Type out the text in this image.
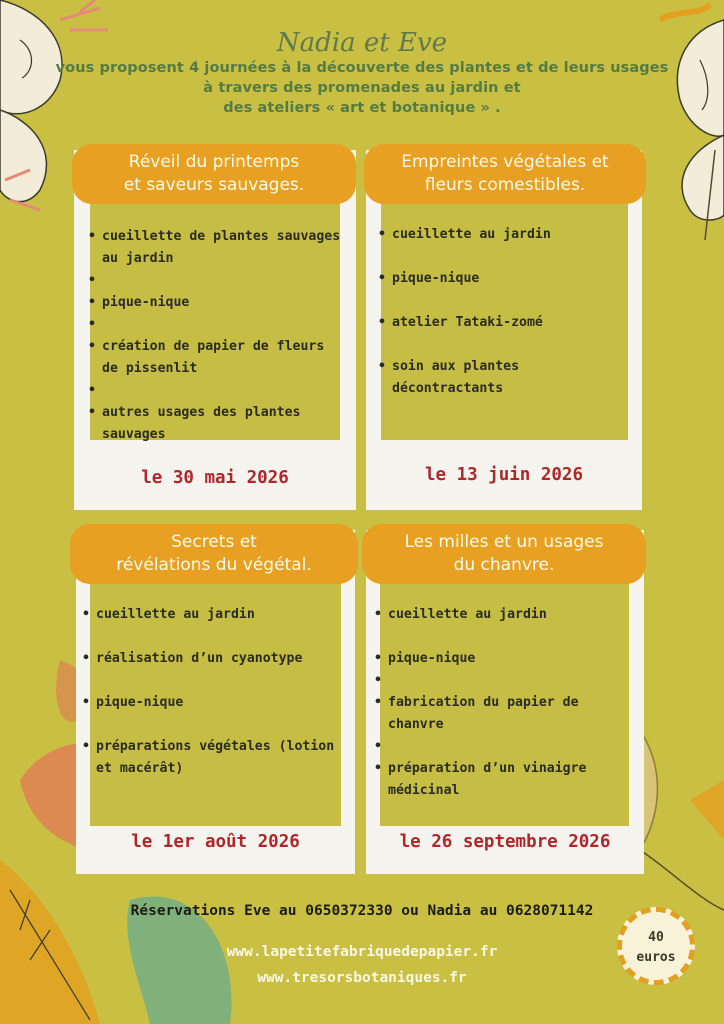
Nadia et Eve
vous proposent 4 journées à la découverte des plantes et de leurs usages
à travers des promenades au jardin et
des ateliers « art et botanique » .
Réveil du printemps
et saveurs sauvages.
• cueillette de plantes sauvages au jardin
•
• pique-nique
•
• création de papier de fleurs de pissenlit
•
• autres usages des plantes sauvages
le 30 mai 2026
Empreintes végétales et
fleurs comestibles.
• cueillette au jardin
• pique-nique
• atelier Tataki-zomé
• soin aux plantes décontractants
le 13 juin 2026
Secrets et
révélations du végétal.
• cueillette au jardin
• réalisation d’un cyanotype
• pique-nique
• préparations végétales (lotion et macérât)
le 1er août 2026
Les milles et un usages
du chanvre.
• cueillette au jardin
• pique-nique
•
• fabrication du papier de chanvre
•
• préparation d’un vinaigre médicinal
le 26 septembre 2026
Réservations Eve au 0650372330 ou Nadia au 0628071142
www.lapetitefabriquedepapier.fr
www.tresorsbotaniques.fr
40
euros
